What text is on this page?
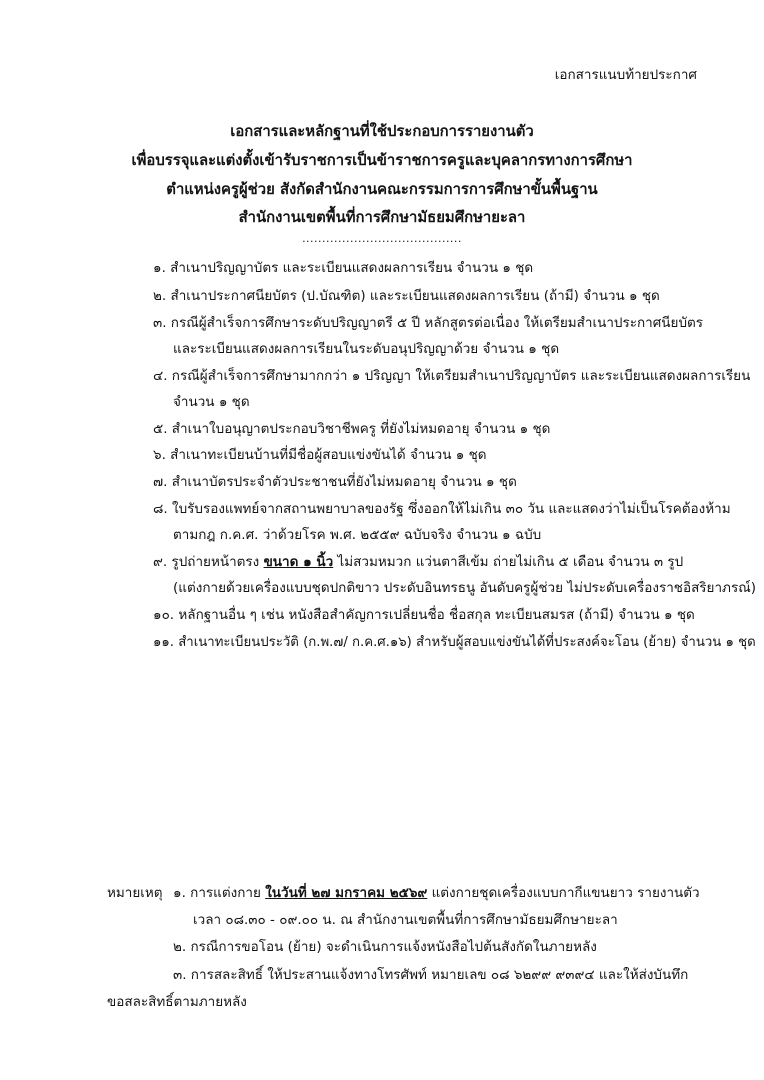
เอกสารแนบท้ายประกาศ
เอกสารและหลักฐานที่ใช้ประกอบการรายงานตัว
เพื่อบรรจุและแต่งตั้งเข้ารับราชการเป็นข้าราชการครูและบุคลากรทางการศึกษา
ตำแหน่งครูผู้ช่วย สังกัดสำนักงานคณะกรรมการการศึกษาขั้นพื้นฐาน
สำนักงานเขตพื้นที่การศึกษามัธยมศึกษายะลา
........................................
๑. สำเนาปริญญาบัตร และระเบียนแสดงผลการเรียน จำนวน ๑ ชุด
๒. สำเนาประกาศนียบัตร (ป.บัณฑิต) และระเบียนแสดงผลการเรียน (ถ้ามี) จำนวน ๑ ชุด
๓. กรณีผู้สำเร็จการศึกษาระดับปริญญาตรี ๕ ปี หลักสูตรต่อเนื่อง ให้เตรียมสำเนาประกาศนียบัตร
และระเบียนแสดงผลการเรียนในระดับอนุปริญญาด้วย จำนวน ๑ ชุด
๔. กรณีผู้สำเร็จการศึกษามากกว่า ๑ ปริญญา ให้เตรียมสำเนาปริญญาบัตร และระเบียนแสดงผลการเรียน
จำนวน ๑ ชุด
๕. สำเนาใบอนุญาตประกอบวิชาชีพครู ที่ยังไม่หมดอายุ จำนวน ๑ ชุด
๖. สำเนาทะเบียนบ้านที่มีชื่อผู้สอบแข่งขันได้ จำนวน ๑ ชุด
๗. สำเนาบัตรประจำตัวประชาชนที่ยังไม่หมดอายุ จำนวน ๑ ชุด
๘. ใบรับรองแพทย์จากสถานพยาบาลของรัฐ ซึ่งออกให้ไม่เกิน ๓๐ วัน และแสดงว่าไม่เป็นโรคต้องห้าม
ตามกฎ ก.ค.ศ. ว่าด้วยโรค พ.ศ. ๒๕๕๙ ฉบับจริง จำนวน ๑ ฉบับ
๙. รูปถ่ายหน้าตรง ขนาด ๑ นิ้ว ไม่สวมหมวก แว่นตาสีเข้ม ถ่ายไม่เกิน ๕ เดือน จำนวน ๓ รูป
(แต่งกายด้วยเครื่องแบบชุดปกติขาว ประดับอินทรธนู อันดับครูผู้ช่วย ไม่ประดับเครื่องราชอิสริยาภรณ์)
๑๐. หลักฐานอื่น ๆ เช่น หนังสือสำคัญการเปลี่ยนชื่อ ชื่อสกุล ทะเบียนสมรส (ถ้ามี) จำนวน ๑ ชุด
๑๑. สำเนาทะเบียนประวัติ (ก.พ.๗/ ก.ค.ศ.๑๖) สำหรับผู้สอบแข่งขันได้ที่ประสงค์จะโอน (ย้าย) จำนวน ๑ ชุด
หมายเหตุ ๑. การแต่งกาย ในวันที่ ๒๗ มกราคม ๒๕๖๙ แต่งกายชุดเครื่องแบบกากีแขนยาว รายงานตัว
เวลา ๐๘.๓๐ - ๐๙.๐๐ น. ณ สำนักงานเขตพื้นที่การศึกษามัธยมศึกษายะลา
๒. กรณีการขอโอน (ย้าย) จะดำเนินการแจ้งหนังสือไปต้นสังกัดในภายหลัง
๓. การสละสิทธิ์ ให้ประสานแจ้งทางโทรศัพท์ หมายเลข ๐๘ ๖๒๙๙ ๙๓๙๔ และให้ส่งบันทึก
ขอสละสิทธิ์ตามภายหลัง
